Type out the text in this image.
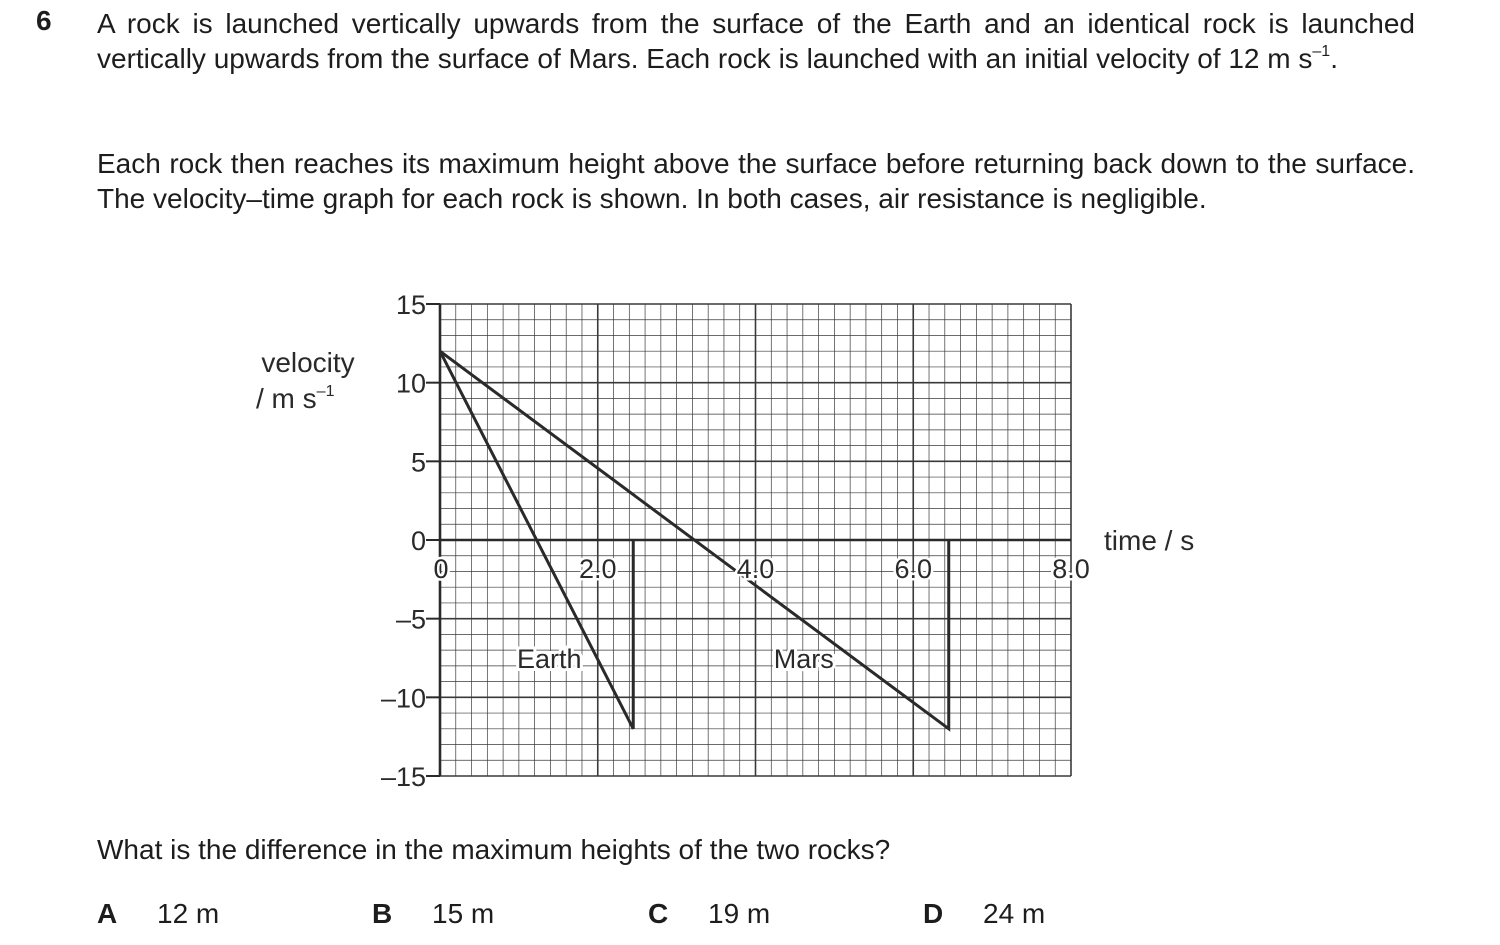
6 A rock is launched vertically upwards from the surface of the Earth and an identical rock is launched vertically upwards from the surface of Mars. Each rock is launched with an initial velocity of 12 m $s^{-1}$.
Each rock then reaches its maximum height above the surface before returning back down to the surface. The velocity–time graph for each rock is shown. In both cases, air resistance is negligible.
15
10
5
0
–5
–10
–15
0	2.0	4.0	6.0	8.0
Earth	Mars
velocity
/ m $s^{-1}$
time / s
What is the difference in the maximum heights of the two rocks?
A 12 m	B 15 m	C 19 m	D 24 m
